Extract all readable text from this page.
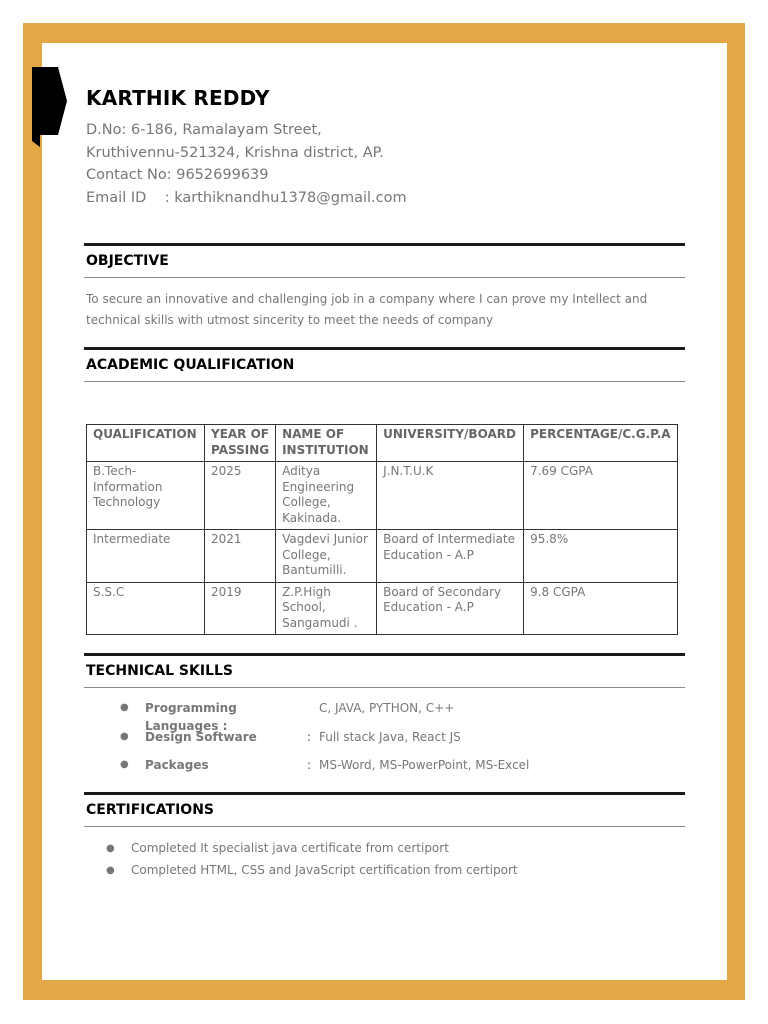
KARTHIK REDDY
D.No: 6-186, Ramalayam Street,
Kruthivennu-521324, Krishna district, AP.
Contact No: 9652699639
Email ID    : karthiknandhu1378@gmail.com
OBJECTIVE

To secure an innovative and challenging job in a company where I can prove my Intellect and technical skills with utmost sincerity to meet the needs of company

ACADEMIC QUALIFICATION
QUALIFICATION	YEAR OF PASSING	NAME OF INSTITUTION	UNIVERSITY/BOARD	PERCENTAGE/C.G.P.A
B.Tech-Information Technology	2025	Aditya Engineering College, Kakinada.	J.N.T.U.K	7.69 CGPA
Intermediate	2021	Vagdevi Junior College, Bantumilli.	Board of Intermediate Education - A.P	95.8%
S.S.C	2019	Z.P.High School, Sangamudi .	Board of Secondary Education - A.P	9.8 CGPA
TECHNICAL SKILLS
●	Programming Languages :
C, JAVA, PYTHON, C++
●	Design Software	: Full stack Java, React JS
●	Packages	: MS-Word, MS-PowerPoint, MS-Excel
CERTIFICATIONS
●	Completed It specialist java certificate from certiport
●	Completed HTML, CSS and JavaScript certification from certiport
